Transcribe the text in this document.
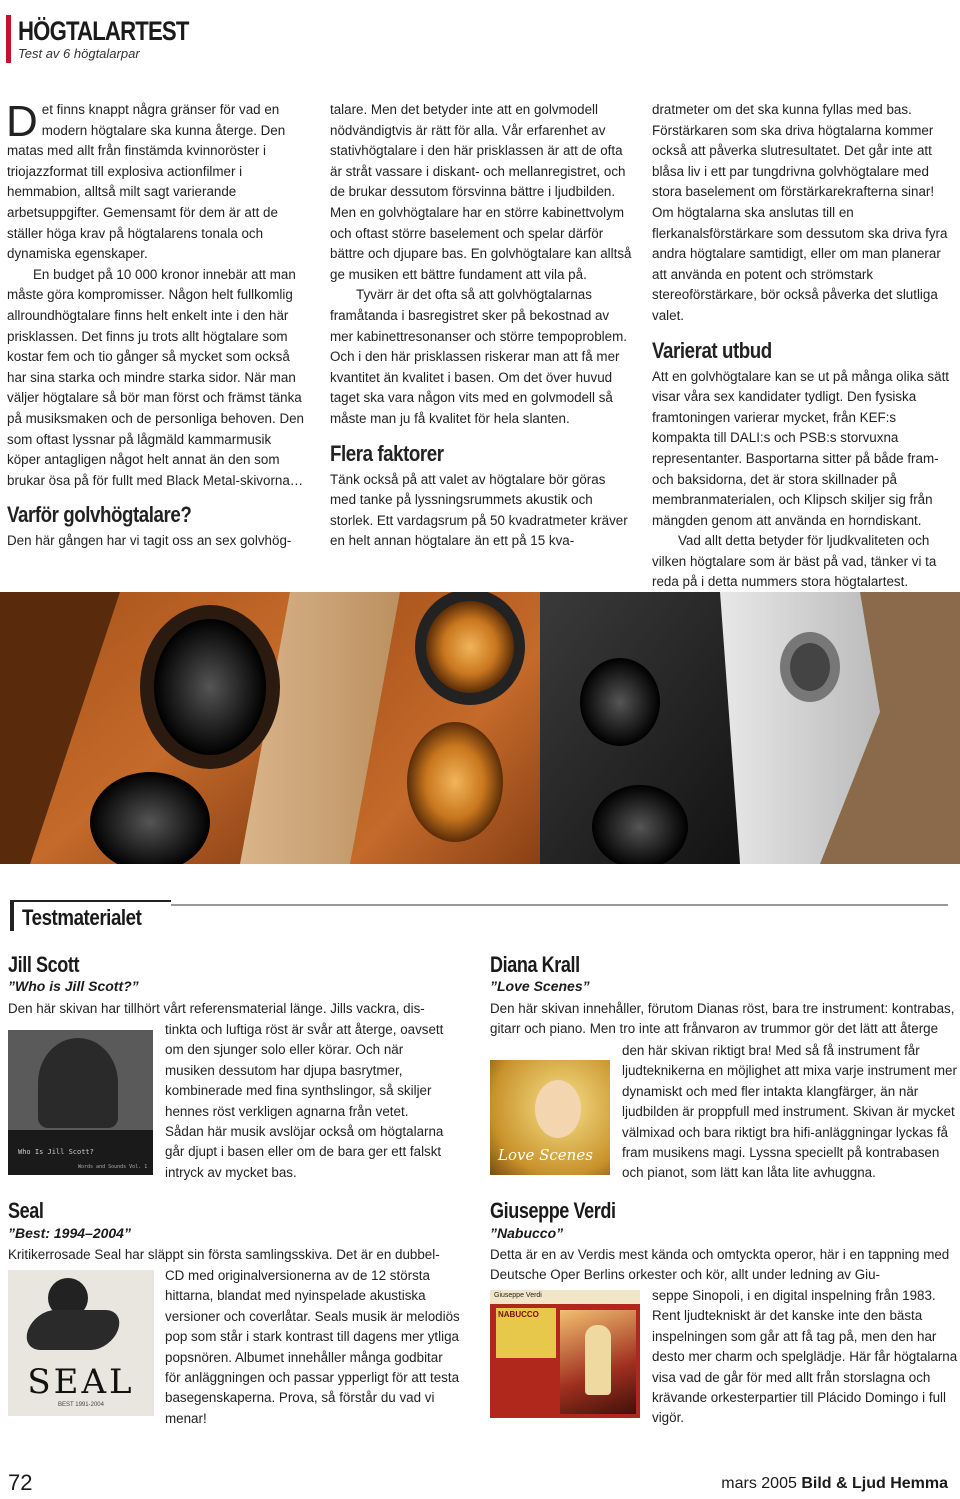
HÖGTALARTEST
Test av 6 högtalarpar

Det finns knappt några gränser för vad en modern högtalare ska kunna återge. Den matas med allt från finstämda kvinnoröster i triojazzformat till explosiva actionfilmer i hemmabion, alltså milt sagt varierande arbetsuppgifter. Gemensamt för dem är att de ställer höga krav på högtalarens tonala och dynamiska egenskaper.

En budget på 10 000 kronor innebär att man måste göra kompromisser. Någon helt fullkomlig allroundhögtalare finns helt enkelt inte i den här prisklassen. Det finns ju trots allt högtalare som kostar fem och tio gånger så mycket som också har sina starka och mindre starka sidor. När man väljer högtalare så bör man först och främst tänka på musiksmaken och de personliga behoven. Den som oftast lyssnar på lågmäld kammarmusik köper antagligen något helt annat än den som brukar ösa på för fullt med Black Metal-skivorna…

Varför golvhögtalare?

Den här gången har vi tagit oss an sex golvhög-

talare. Men det betyder inte att en golvmodell nödvändigtvis är rätt för alla. Vår erfarenhet av stativhögtalare i den här prisklassen är att de ofta är stråt vassare i diskant- och mellanregistret, och de brukar dessutom försvinna bättre i ljudbilden. Men en golvhögtalare har en större kabinettvolym och oftast större baselement och spelar därför bättre och djupare bas. En golvhögtalare kan alltså ge musiken ett bättre fundament att vila på.

Tyvärr är det ofta så att golvhögtalarnas framåtanda i basregistret sker på bekostnad av mer kabinettresonanser och större tempoproblem. Och i den här prisklassen riskerar man att få mer kvantitet än kvalitet i basen. Om det över huvud taget ska vara någon vits med en golvmodell så måste man ju få kvalitet för hela slanten.

Flera faktorer

Tänk också på att valet av högtalare bör göras med tanke på lyssningsrummets akustik och storlek. Ett vardagsrum på 50 kvadratmeter kräver en helt annan högtalare än ett på 15 kva-

dratmeter om det ska kunna fyllas med bas. Förstärkaren som ska driva högtalarna kommer också att påverka slutresultatet. Det går inte att blåsa liv i ett par tungdrivna golvhögtalare med stora baselement om förstärkarekrafterna sinar! Om högtalarna ska anslutas till en flerkanalsförstärkare som dessutom ska driva fyra andra högtalare samtidigt, eller om man planerar att använda en potent och strömstark stereoförstärkare, bör också påverka det slutliga valet.

Varierat utbud

Att en golvhögtalare kan se ut på många olika sätt visar våra sex kandidater tydligt. Den fysiska framtoningen varierar mycket, från KEF:s kompakta till DALI:s och PSB:s storvuxna representanter. Basportarna sitter på både fram- och baksidorna, det är stora skillnader på membranmaterialen, och Klipsch skiljer sig från mängden genom att använda en horndiskant.

Vad allt detta betyder för ljudkvaliteten och vilken högtalare som är bäst på vad, tänker vi ta reda på i detta nummers stora högtalartest.

Testmaterialet
Jill Scott
”Who is Jill Scott?”
Den här skivan har tillhört vårt referensmaterial länge. Jills vackra, dis-
Who Is Jill Scott?
Words and Sounds Vol. 1
tinkta och luftiga röst är svår att återge, oavsett om den sjunger solo eller körar. Och när musiken dessutom har djupa basrytmer, kombinerade med fina synthslingor, så skiljer hennes röst verkligen agnarna från vetet. Sådan här musik avslöjar också om högtalarna går djupt i basen eller om de bara ger ett falskt intryck av mycket bas.
Seal
”Best: 1994–2004”
Kritikerrosade Seal har släppt sin första samlingsskiva. Det är en dubbel-
SEAL
BEST 1991-2004
CD med originalversionerna av de 12 största hittarna, blandat med nyinspelade akustiska versioner och coverlåtar. Seals musik är melodiös pop som står i stark kontrast till dagens mer ytliga popsnören. Albumet innehåller många godbitar för anläggningen och passar ypperligt för att testa basegenskaperna. Prova, så förstår du vad vi menar!
Diana Krall
”Love Scenes”
Den här skivan innehåller, förutom Dianas röst, bara tre instrument: kontrabas, gitarr och piano. Men tro inte att frånvaron av trummor gör det lätt att återge
Love Scenes
den här skivan riktigt bra! Med så få instrument får ljudteknikerna en möjlighet att mixa varje instrument mer dynamiskt och med fler intakta klangfärger, än när ljudbilden är proppfull med instrument. Skivan är mycket välmixad och bara riktigt bra hifi-anläggningar lyckas få fram musikens magi. Lyssna speciellt på kontrabasen och pianot, som lätt kan låta lite avhuggna.
Giuseppe Verdi
”Nabucco”
Detta är en av Verdis mest kända och omtyckta operor, här i en tappning med Deutsche Oper Berlins orkester och kör, allt under ledning av Giu-
Giuseppe Verdi
NABUCCO
seppe Sinopoli, i en digital inspelning från 1983. Rent ljudtekniskt är det kanske inte den bästa inspelningen som går att få tag på, men den har desto mer charm och spelglädje. Här får högtalarna visa vad de går för med allt från storslagna och krävande orkesterpartier till Plácido Domingo i full vigör.
72	mars 2005 Bild & Ljud Hemma
